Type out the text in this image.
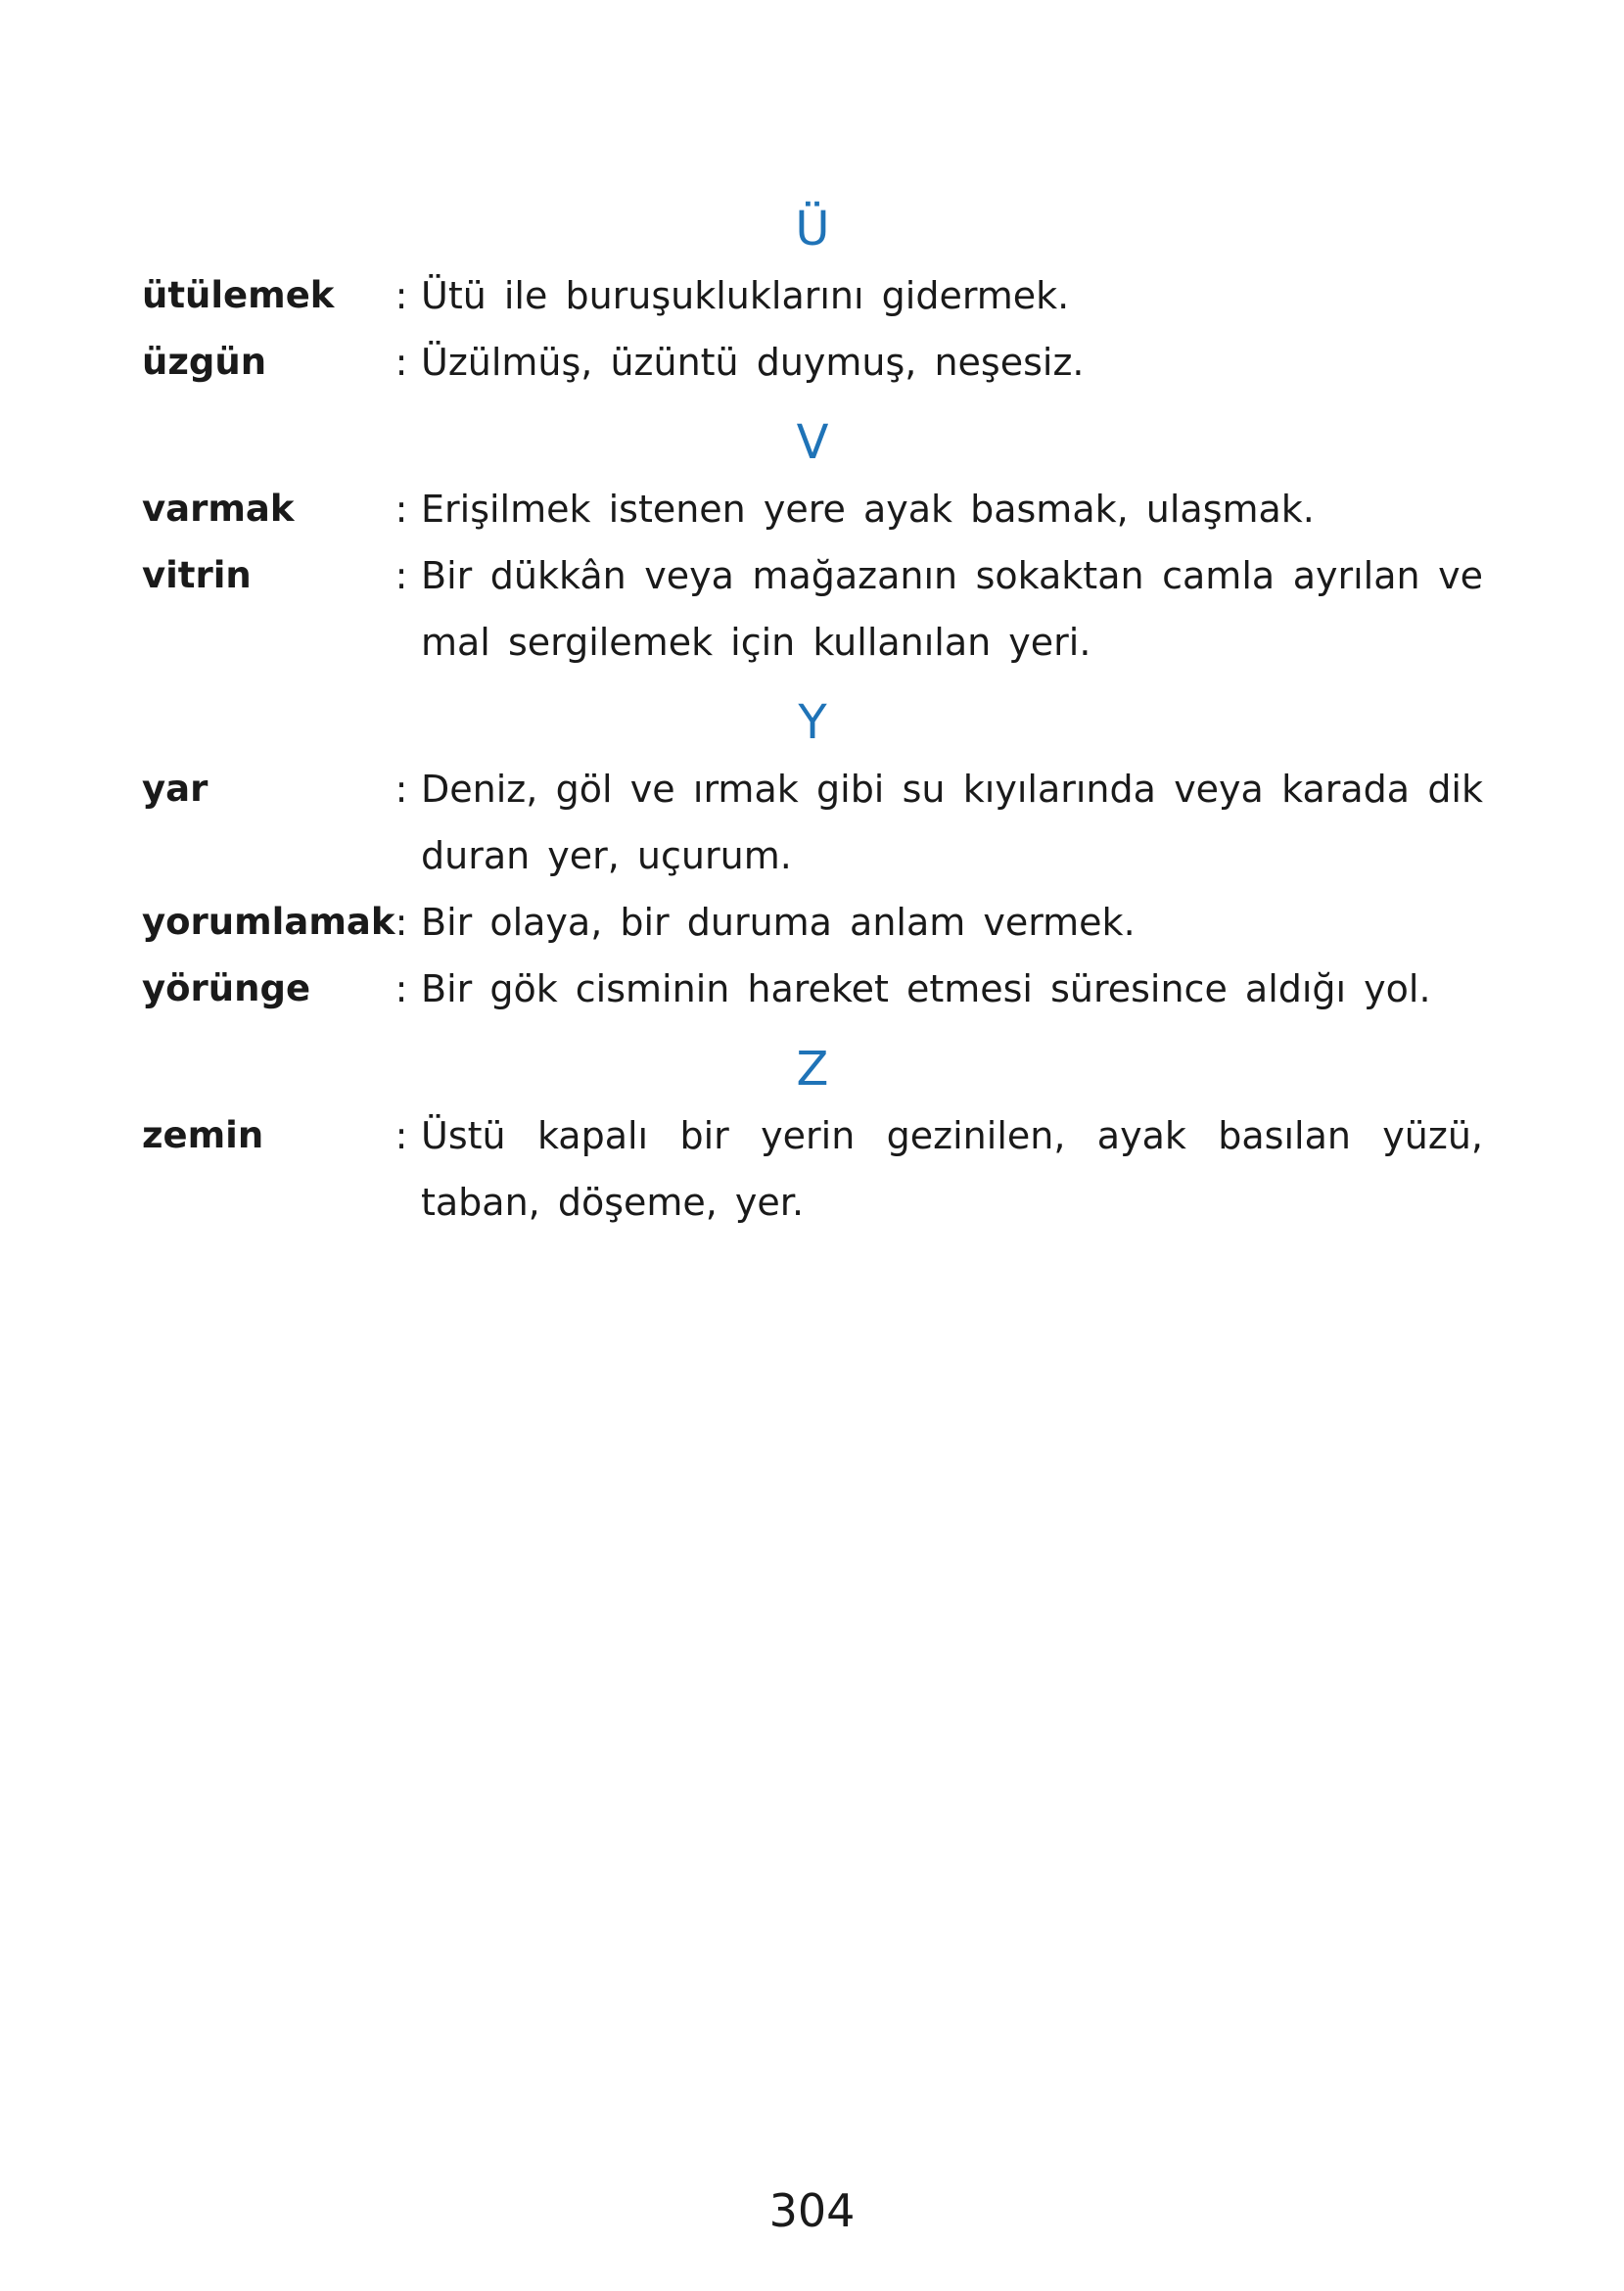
Ü
ütülemek	: Ütü ile buruşukluklarını gidermek.
üzgün	: Üzülmüş, üzüntü duymuş, neşesiz.
V
varmak	: Erişilmek istenen yere ayak basmak, ulaşmak.
vitrin	: Bir dükkân veya mağazanın sokaktan camla ayrılan ve mal sergilemek için kullanılan yeri.
Y
yar	: Deniz, göl ve ırmak gibi su kıyılarında veya karada dik duran yer, uçurum.
yorumlamak : Bir olaya, bir duruma anlam vermek.
yörünge	: Bir gök cisminin hareket etmesi süresince aldığı yol.
Z
zemin	: Üstü kapalı bir yerin gezinilen, ayak basılan yüzü, taban, döşeme, yer.
304
